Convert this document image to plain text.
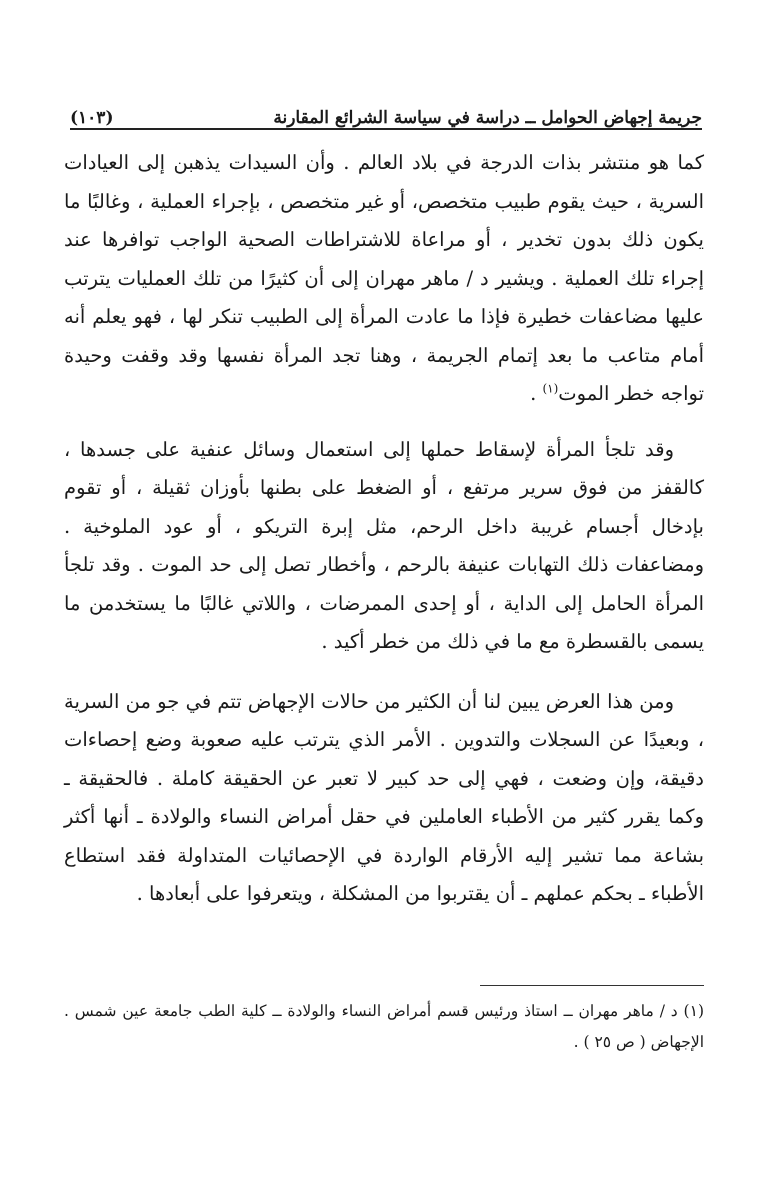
جريمة إجهاض الحوامل ــ دراسة في سياسة الشرائع المقارنة
(١٠٣)

كما هو منتشر بذات الدرجة في بلاد العالم . وأن السيدات يذهبن إلى العيادات السرية ، حيث يقوم طبيب متخصص، أو غير متخصص ، بإجراء العملية ، وغالبًا ما يكون ذلك بدون تخدير ، أو مراعاة للاشتراطات الصحية الواجب توافرها عند إجراء تلك العملية . ويشير د / ماهر مهران إلى أن كثيرًا من تلك العمليات يترتب عليها مضاعفات خطيرة فإذا ما عادت المرأة إلى الطبيب تنكر لها ، فهو يعلم أنه أمام متاعب ما بعد إتمام الجريمة ، وهنا تجد المرأة نفسها وقد وقفت وحيدة تواجه خطر الموت$^{(١)}$ .

وقد تلجأ المرأة لإسقاط حملها إلى استعمال وسائل عنفية على جسدها ، كالقفز من فوق سرير مرتفع ، أو الضغط على بطنها بأوزان ثقيلة ، أو تقوم بإدخال أجسام غريبة داخل الرحم، مثل إبرة التريكو ، أو عود الملوخية . ومضاعفات ذلك التهابات عنيفة بالرحم ، وأخطار تصل إلى حد الموت . وقد تلجأ المرأة الحامل إلى الداية ، أو إحدى الممرضات ، واللاتي غالبًا ما يستخدمن ما يسمى بالقسطرة مع ما في ذلك من خطر أكيد .

ومن هذا العرض يبين لنا أن الكثير من حالات الإجهاض تتم في جو من السرية ، وبعيدًا عن السجلات والتدوين . الأمر الذي يترتب عليه صعوبة وضع إحصاءات دقيقة، وإن وضعت ، فهي إلى حد كبير لا تعبر عن الحقيقة كاملة . فالحقيقة ـ وكما يقرر كثير من الأطباء العاملين في حقل أمراض النساء والولادة ـ أنها أكثر بشاعة مما تشير إليه الأرقام الواردة في الإحصائيات المتداولة فقد استطاع الأطباء ـ بحكم عملهم ـ أن يقتربوا من المشكلة ، ويتعرفوا على أبعادها .

(١) د / ماهر مهران ــ استاذ ورئيس قسم أمراض النساء والولادة ــ كلية الطب جامعة عين شمس . الإجهاض ( ص ٢٥ ) .
